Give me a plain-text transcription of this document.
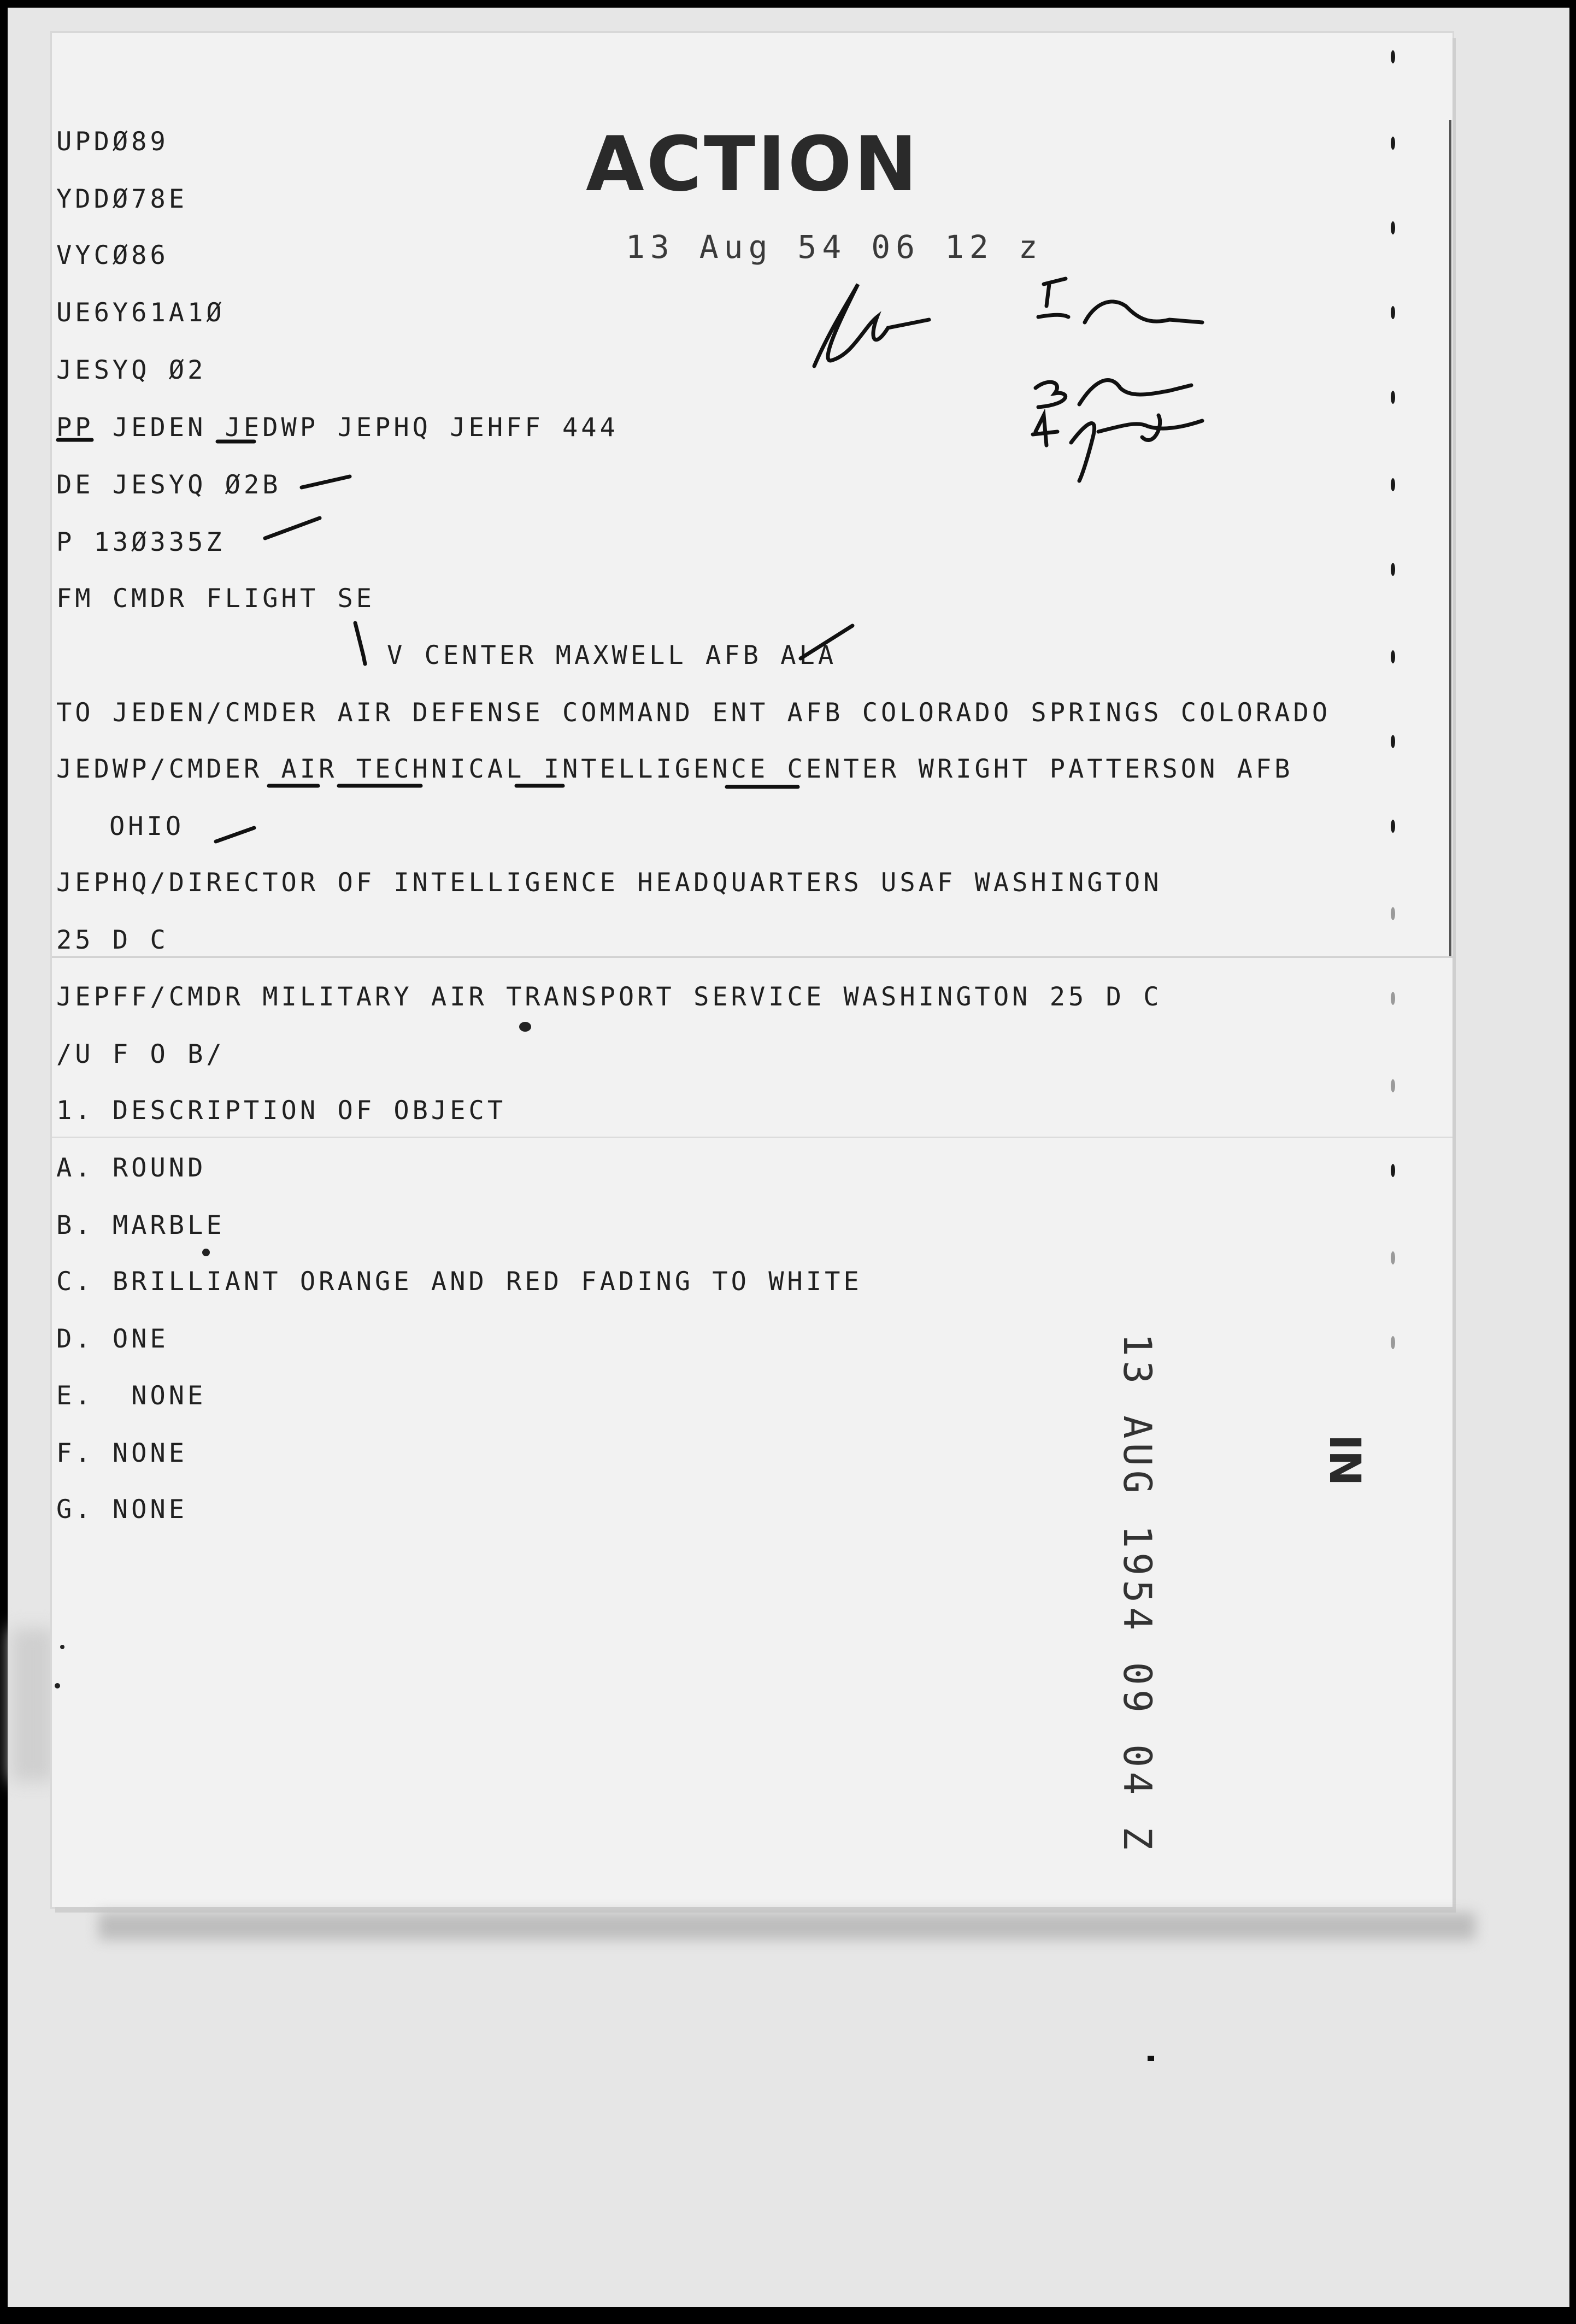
UPDØ89
YDDØ78E
VYCØ86
UE6Y61A1Ø
JESYQ Ø2
ACTION
13 Aug 54 06 12 z
PP JEDEN JEDWP JEPHQ JEHFF 444
DE JESYQ Ø2B
P 13Ø335Z
FM CMDR FLIGHT SE
V CENTER MAXWELL AFB ALA
TO JEDEN/CMDER AIR DEFENSE COMMAND ENT AFB COLORADO SPRINGS COLORADO
JEDWP/CMDER AIR TECHNICAL INTELLIGENCE CENTER WRIGHT PATTERSON AFB
OHIO
JEPHQ/DIRECTOR OF INTELLIGENCE HEADQUARTERS USAF WASHINGTON
25 D C
JEPFF/CMDR MILITARY AIR TRANSPORT SERVICE WASHINGTON 25 D C
/U F O B/
1. DESCRIPTION OF OBJECT
A. ROUND
B. MARBLE
C. BRILLIANT ORANGE AND RED FADING TO WHITE
D. ONE
E.  NONE
F. NONE
G. NONE	13 AUG 1954 09 04 Z	IN
